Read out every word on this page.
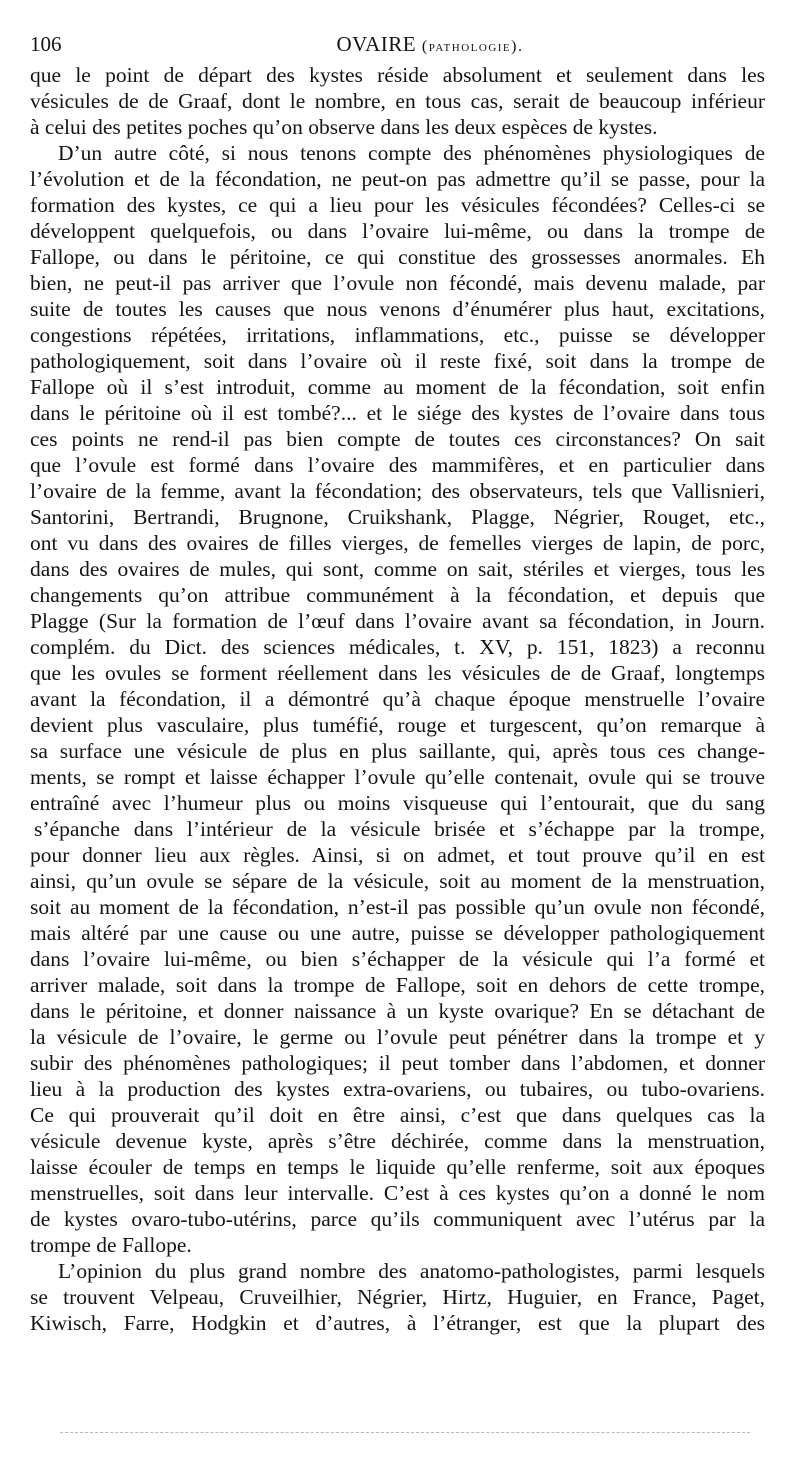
106	OVAIRE (pathologie).
que le point de départ des kystes réside absolument et seulement dans les
vésicules de de Graaf, dont le nombre, en tous cas, serait de beaucoup inférieur
à celui des petites poches qu’on observe dans les deux espèces de kystes.
D’un autre côté, si nous tenons compte des phénomènes physiologiques de
l’évolution et de la fécondation, ne peut-on pas admettre qu’il se passe, pour la
formation des kystes, ce qui a lieu pour les vésicules fécondées? Celles-ci se
développent quelquefois, ou dans l’ovaire lui-même, ou dans la trompe de
Fallope, ou dans le péritoine, ce qui constitue des grossesses anormales. Eh
bien, ne peut-il pas arriver que l’ovule non fécondé, mais devenu malade, par
suite de toutes les causes que nous venons d’énumérer plus haut, excitations,
congestions répétées, irritations, inflammations, etc., puisse se développer
pathologiquement, soit dans l’ovaire où il reste fixé, soit dans la trompe de
Fallope où il s’est introduit, comme au moment de la fécondation, soit enfin
dans le péritoine où il est tombé?... et le siége des kystes de l’ovaire dans tous
ces points ne rend-il pas bien compte de toutes ces circonstances? On sait
que l’ovule est formé dans l’ovaire des mammifères, et en particulier dans
l’ovaire de la femme, avant la fécondation; des observateurs, tels que Vallisnieri,
Santorini, Bertrandi, Brugnone, Cruikshank, Plagge, Négrier, Rouget, etc.,
ont vu dans des ovaires de filles vierges, de femelles vierges de lapin, de porc,
dans des ovaires de mules, qui sont, comme on sait, stériles et vierges, tous les
changements qu’on attribue communément à la fécondation, et depuis que
Plagge (Sur la formation de l’œuf dans l’ovaire avant sa fécondation, in Journ.
complém. du Dict. des sciences médicales, t. XV, p. 151, 1823) a reconnu
que les ovules se forment réellement dans les vésicules de de Graaf, longtemps
avant la fécondation, il a démontré qu’à chaque époque menstruelle l’ovaire
devient plus vasculaire, plus tuméfié, rouge et turgescent, qu’on remarque à
sa surface une vésicule de plus en plus saillante, qui, après tous ces change-
ments, se rompt et laisse échapper l’ovule qu’elle contenait, ovule qui se trouve
entraîné avec l’humeur plus ou moins visqueuse qui l’entourait, que du sang
s’épanche dans l’intérieur de la vésicule brisée et s’échappe par la trompe,
pour donner lieu aux règles. Ainsi, si on admet, et tout prouve qu’il en est
ainsi, qu’un ovule se sépare de la vésicule, soit au moment de la menstruation,
soit au moment de la fécondation, n’est-il pas possible qu’un ovule non fécondé,
mais altéré par une cause ou une autre, puisse se développer pathologiquement
dans l’ovaire lui-même, ou bien s’échapper de la vésicule qui l’a formé et
arriver malade, soit dans la trompe de Fallope, soit en dehors de cette trompe,
dans le péritoine, et donner naissance à un kyste ovarique? En se détachant de
la vésicule de l’ovaire, le germe ou l’ovule peut pénétrer dans la trompe et y
subir des phénomènes pathologiques; il peut tomber dans l’abdomen, et donner
lieu à la production des kystes extra-ovariens, ou tubaires, ou tubo-ovariens.
Ce qui prouverait qu’il doit en être ainsi, c’est que dans quelques cas la
vésicule devenue kyste, après s’être déchirée, comme dans la menstruation,
laisse écouler de temps en temps le liquide qu’elle renferme, soit aux époques
menstruelles, soit dans leur intervalle. C’est à ces kystes qu’on a donné le nom
de kystes ovaro-tubo-utérins, parce qu’ils communiquent avec l’utérus par la
trompe de Fallope.
L’opinion du plus grand nombre des anatomo-pathologistes, parmi lesquels
se trouvent Velpeau, Cruveilhier, Négrier, Hirtz, Huguier, en France, Paget,
Kiwisch, Farre, Hodgkin et d’autres, à l’étranger, est que la plupart des
